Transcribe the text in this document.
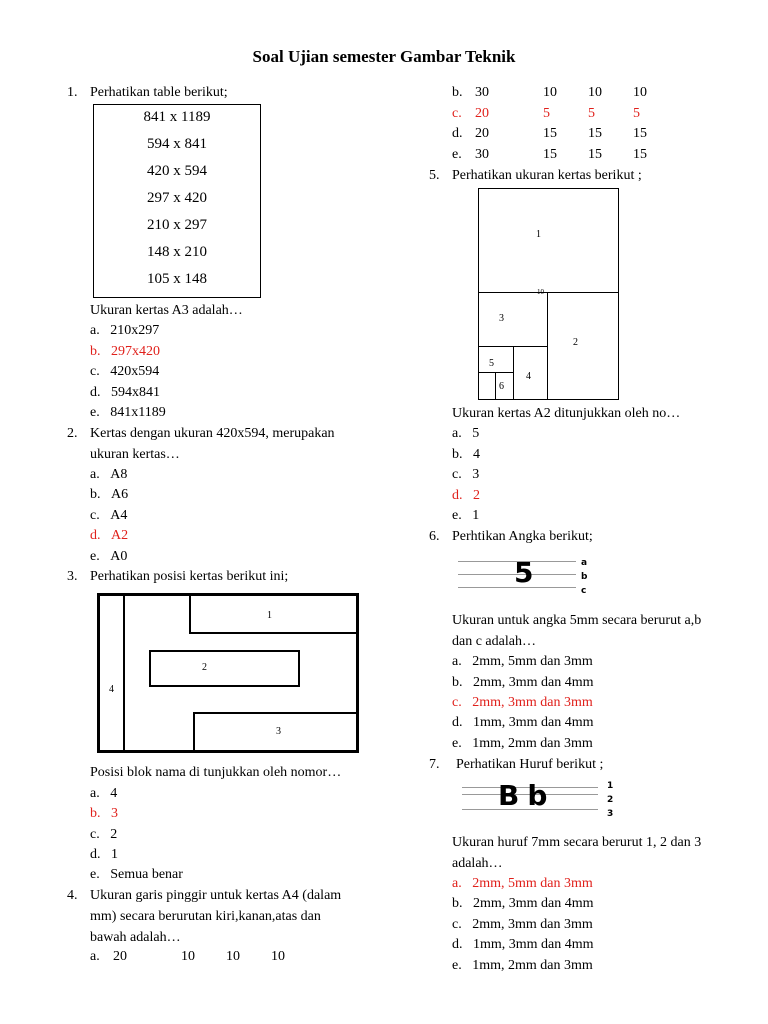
Soal Ujian semester Gambar Teknik
1. Perhatikan table berikut;
841 x 1189
594 x 841
420 x 594
297 x 420
210 x 297
148 x 210
105 x 148
Ukuran kertas A3 adalah…
a. 210x297
b. 297x420
c. 420x594
d. 594x841
e. 841x1189
2. Kertas dengan ukuran 420x594, merupakan
ukuran kertas…
a. A8
b. A6
c. A4
d. A2
e. A0
3. Perhatikan posisi kertas berikut ini;
1
2
3
4
Posisi blok nama di tunjukkan oleh nomor…
a. 4
b. 3
c. 2
d. 1
e. Semua benar
4. Ukuran garis pinggir untuk kertas A4 (dalam
mm) secara berurutan kiri,kanan,atas dan
bawah adalah…
a. 20	10 10 10
b. 30	10 10 10
c. 20	5	5	5
d. 20	15 15 15
e. 30	15 15 15
5. Perhatikan ukuran kertas berikut ;
1
2
3
4
5
6
10
Ukuran kertas A2 ditunjukkan oleh no…
a. 5
b. 4
c. 3
d. 2
e. 1
6. Perhtikan Angka berikut;
5	a
b
c
Ukuran untuk angka 5mm secara berurut a,b
dan c adalah…
a. 2mm, 5mm dan 3mm
b. 2mm, 3mm dan 4mm
c. 2mm, 3mm dan 3mm
d. 1mm, 3mm dan 4mm
e. 1mm, 2mm dan 3mm
7. Perhatikan Huruf berikut ;
Bb	1
2
3
Ukuran huruf 7mm secara berurut 1, 2 dan 3
adalah…
a. 2mm, 5mm dan 3mm
b. 2mm, 3mm dan 4mm
c. 2mm, 3mm dan 3mm
d. 1mm, 3mm dan 4mm
e. 1mm, 2mm dan 3mm
